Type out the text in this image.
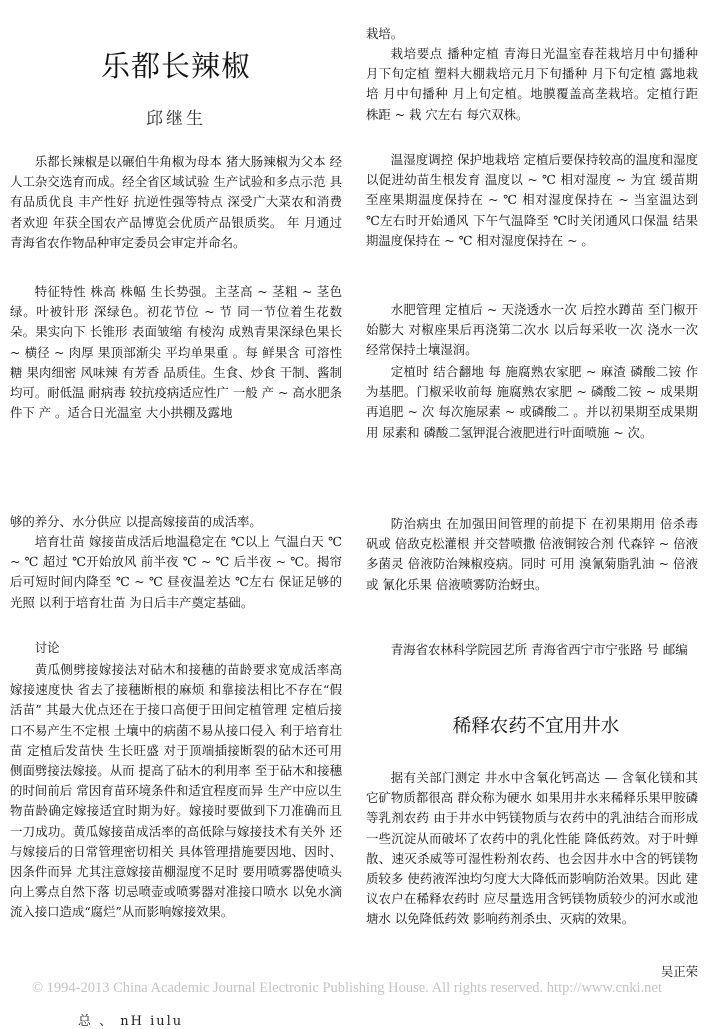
乐都长辣椒
邱继生

乐都长辣椒是以碾伯牛角椒为母本 猪大肠辣椒为父本 经人工杂交选育而成。经全省区域试验 生产试验和多点示范 具有品质优良 丰产性好 抗逆性强等特点 深受广大菜农和消费者欢迎 年获全国农产品博览会优质产品银质奖。 年 月通过青海省农作物品种审定委员会审定并命名。

特征特性 株高 株幅 生长势强。主茎高 ~ 茎粗 ~ 茎色绿。叶被针形 深绿色。初花节位 ~ 节 同一节位着生花数 朵。果实向下 长锥形 表面皱缩 有棱沟 成熟青果深绿色果长 ~ 横径 ~ 肉厚 果顶部渐尖 平均单果重 。每 鲜果含 可溶性糖 果肉细密 风味辣 有芳香 品质佳。生食、炒食 干制、酱制均可。耐低温 耐病毒 较抗疫病适应性广 一般 产 ~ 高水肥条件下 产 。适合日光温室 大小拱棚及露地

够的养分、水分供应 以提高嫁接苗的成活率。

培育壮苗 嫁接苗成活后地温稳定在 ℃以上 气温白天 ℃ ~ ℃ 超过 ℃开始放风 前半夜 ℃ ~ ℃ 后半夜 ~ ℃。揭帘后可短时间内降至 ℃ ~ ℃ 昼夜温差达 ℃左右 保证足够的光照 以利于培育壮苗 为日后丰产奠定基础。

讨论

黄瓜侧劈接嫁接法对砧木和接穗的苗龄要求宽成活率高 嫁接速度快 省去了接穗断根的麻烦 和靠接法相比不存在“假活苗” 其最大优点还在于接口高便于田间定植管理 定植后接口不易产生不定根 土壤中的病菌不易从接口侵入 利于培育壮苗 定植后发苗快 生长旺盛 对于顶端插接断裂的砧木还可用侧面劈接法嫁接。从而 提高了砧木的利用率 至于砧木和接穗的时间前后 常因育苗环境条件和适宜程度而异 生产中应以生物苗龄确定嫁接适宜时期为好。嫁接时要做到下刀准确而且一刀成功。黄瓜嫁接苗成活率的高低除与嫁接技术有关外 还与嫁接后的日常管理密切相关 具体管理措施要因地、因时、因条件而异 尤其注意嫁接苗棚湿度不足时 要用喷雾器使喷头向上雾点自然下落 切忌喷壶或喷雾器对准接口喷水 以免水滴流入接口造成“腐烂”从而影响嫁接效果。

栽培。

栽培要点 播种定植 青海日光温室春茬栽培月中旬播种 月下旬定植 塑料大棚栽培元月下旬播种 月下旬定植 露地栽培 月中旬播种 月上旬定植。地膜覆盖高垄栽培。定植行距 株距 ~ 栽 穴左右 每穴双株。

温湿度调控 保护地栽培 定植后要保持较高的温度和湿度 以促进幼苗生根发育 温度以 ~ ℃ 相对湿度 ~ 为宜 缓苗期至座果期温度保持在 ~ ℃ 相对湿度保持在 ~ 当室温达到 ℃左右时开始通风 下午气温降至 ℃时关闭通风口保温 结果期温度保持在 ~ ℃ 相对湿度保持在 ~ 。

水肥管理 定植后 ~ 天浇透水一次 后控水蹲苗 至门椒开始膨大 对椒座果后再浇第二次水 以后每采收一次 浇水一次 经常保持土壤湿润。

定植时 结合翻地 每 施腐熟农家肥 ~ 麻渣 磷酸二铵 作为基肥。门椒采收前每 施腐熟农家肥 ~ 磷酸二铵 ~ 成果期再追肥 ~ 次 每次施尿素 ~ 或磷酸二 。并以初果期至成果期用 尿素和 磷酸二氢钾混合液肥进行叶面喷施 ~ 次。

防治病虫 在加强田间管理的前提下 在初果期用 倍杀毒矾或 倍敌克松灌根 并交替喷撒 倍液铜铵合剂 代森锌 ~ 倍液 多菌灵 倍液防治辣椒疫病。同时 可用 溴氰菊脂乳油 ~ 倍液或 氰化乐果 倍液喷雾防治蚜虫。

青海省农林科学院园艺所 青海省西宁市宁张路 号 邮编

稀释农药不宜用井水

据有关部门测定 井水中含氧化钙高达 — 含氧化镁和其它矿物质都很高 群众称为硬水 如果用井水来稀释乐果甲胺磷等乳剂农药 由于井水中钙镁物质与农药中的乳油结合而形成一些沉淀从而破坏了农药中的乳化性能 降低药效。对于叶蝉散、速灭杀威等可湿性粉剂农药、也会因井水中含的钙镁物质较多 使药液浑浊均匀度大大降低而影响防治效果。因此 建议农户在稀释农药时 应尽量选用含钙镁物质较少的河水或池塘水 以免降低药效 影响药剂杀虫、灭病的效果。

吴正荣

© 1994-2013 China Academic Journal Electronic Publishing House. All rights reserved. http://www.cnki.net
总 、 nH iulu
